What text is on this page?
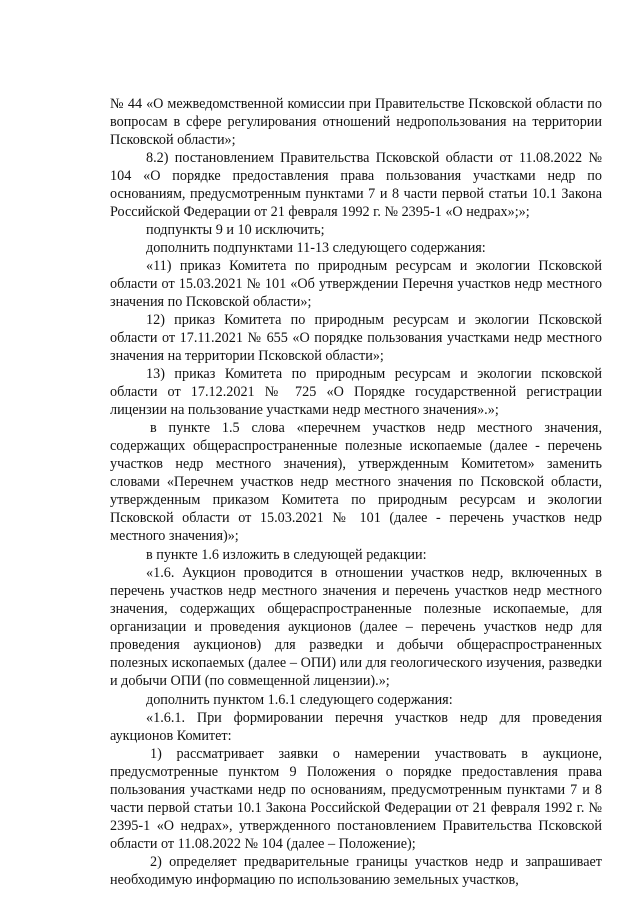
№ 44 «О межведомственной комиссии при Правительстве Псковской области по вопросам в сфере регулирования отношений недропользования на территории Псковской области»;

8.2) постановлением Правительства Псковской области от 11.08.2022 № 104 «О порядке предоставления права пользования участками недр по основаниям, предусмотренным пунктами 7 и 8 части первой статьи 10.1 Закона Российской Федерации от 21 февраля 1992 г. № 2395-1 «О недрах»;»;

подпункты 9 и 10 исключить;

дополнить подпунктами 11-13 следующего содержания:

«11) приказ Комитета по природным ресурсам и экологии Псковской области от 15.03.2021 № 101 «Об утверждении Перечня участков недр местного значения по Псковской области»;

12) приказ Комитета по природным ресурсам и экологии Псковской области от 17.11.2021 № 655 «О порядке пользования участками недр местного значения на территории Псковской области»;

13) приказ Комитета по природным ресурсам и экологии псковской области от 17.12.2021 № 725 «О Порядке государственной регистрации лицензии на пользование участками недр местного значения».»;

в пункте 1.5 слова «перечнем участков недр местного значения, содержащих общераспространенные полезные ископаемые (далее - перечень участков недр местного значения), утвержденным Комитетом» заменить словами «Перечнем участков недр местного значения по Псковской области, утвержденным приказом Комитета по природным ресурсам и экологии Псковской области от 15.03.2021 № 101 (далее - перечень участков недр местного значения)»;

в пункте 1.6 изложить в следующей редакции:

«1.6. Аукцион проводится в отношении участков недр, включенных в перечень участков недр местного значения и перечень участков недр местного значения, содержащих общераспространенные полезные ископаемые, для организации и проведения аукционов (далее – перечень участков недр для проведения аукционов) для разведки и добычи общераспространенных полезных ископаемых (далее – ОПИ) или для геологического изучения, разведки и добычи ОПИ (по совмещенной лицензии).»;

дополнить пунктом 1.6.1 следующего содержания:

«1.6.1. При формировании перечня участков недр для проведения аукционов Комитет:

1) рассматривает заявки о намерении участвовать в аукционе, предусмотренные пунктом 9 Положения о порядке предоставления права пользования участками недр по основаниям, предусмотренным пунктами 7 и 8 части первой статьи 10.1 Закона Российской Федерации от 21 февраля 1992 г. № 2395-1 «О недрах», утвержденного постановлением Правительства Псковской области от 11.08.2022 № 104 (далее – Положение);

2) определяет предварительные границы участков недр и запрашивает необходимую информацию по использованию земельных участков,
